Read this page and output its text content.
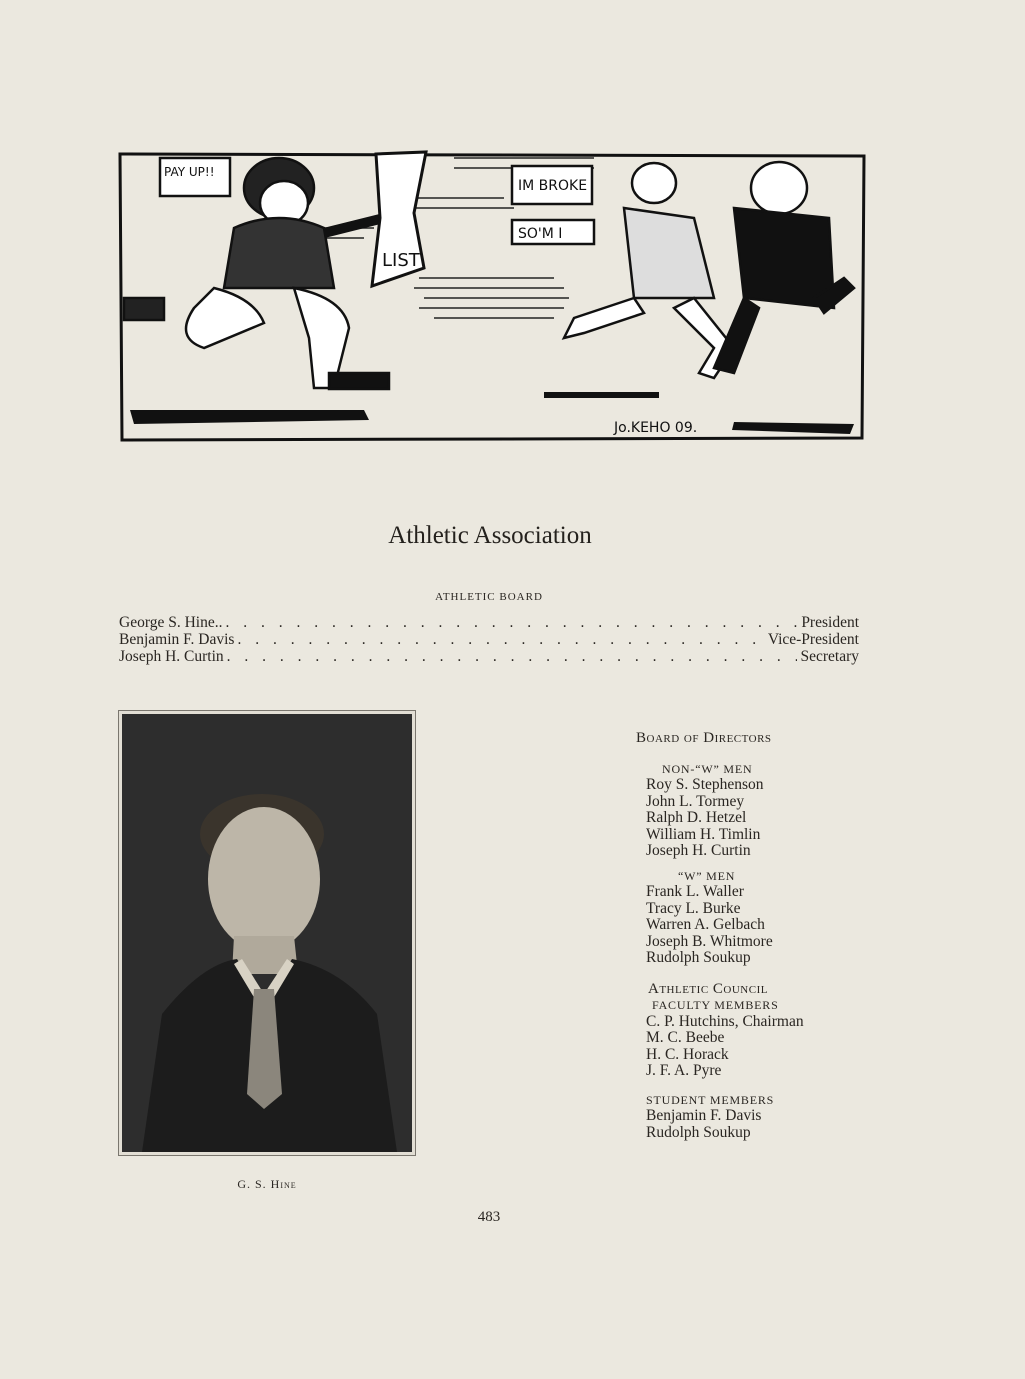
LIST
PAY UP!!
IM BROKE
SO'M I
Jo.KEHO 09.
Athletic Association
ATHLETIC BOARD
George S. Hine.. . . .	President
Benjamin F. Davis . . .	Vice-President
Joseph H. Curtin . . .	Secretary
G. S. Hine
Board of Directors
NON-“W” MEN
Roy S. Stephenson
John L. Tormey
Ralph D. Hetzel
William H. Timlin
Joseph H. Curtin
“W” MEN
Frank L. Waller
Tracy L. Burke
Warren A. Gelbach
Joseph B. Whitmore
Rudolph Soukup
Athletic Council
FACULTY MEMBERS
C. P. Hutchins, Chairman
M. C. Beebe
H. C. Horack
J. F. A. Pyre
STUDENT MEMBERS
Benjamin F. Davis
Rudolph Soukup
483
